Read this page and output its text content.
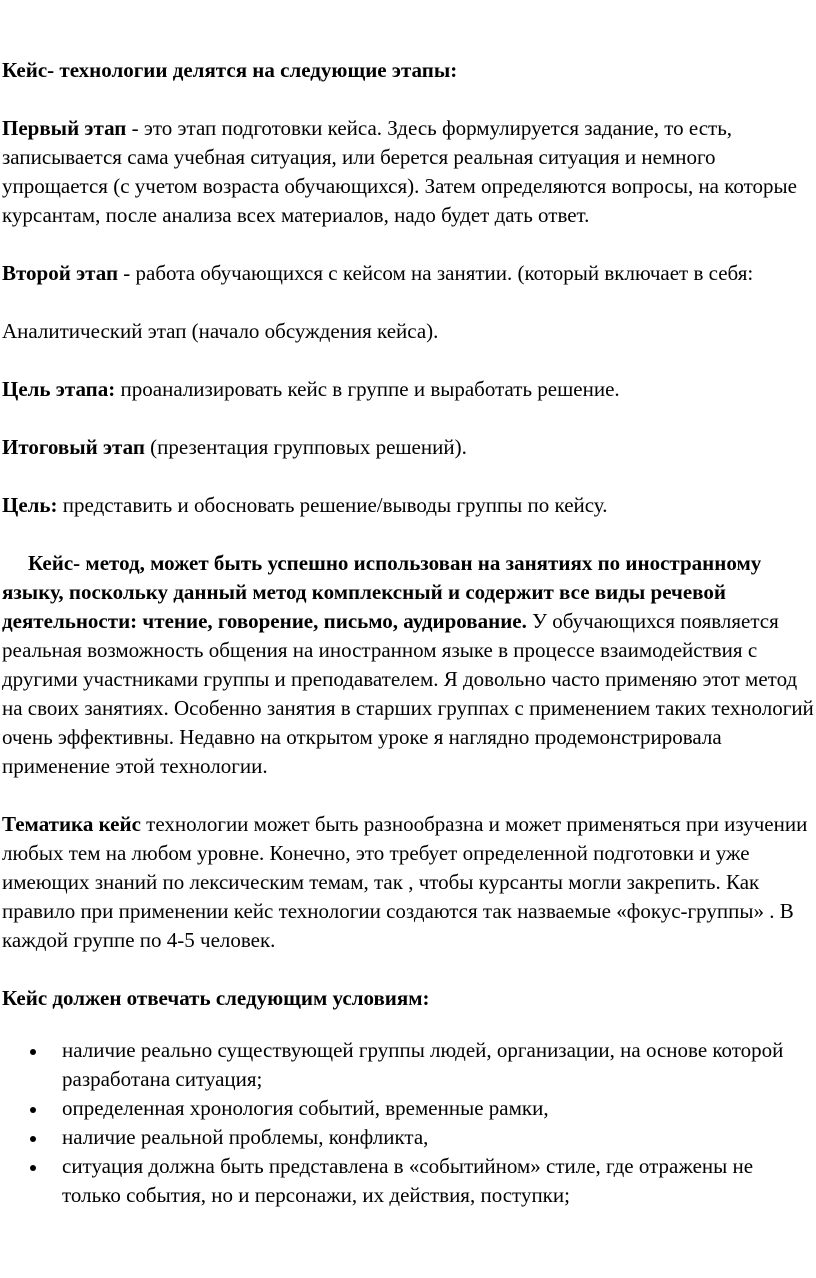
Кейс- технологии делятся на следующие этапы:

Первый этап - это этап подготовки кейса. Здесь формулируется задание, то есть, записывается сама учебная ситуация, или берется реальная ситуация и немного упрощается (с учетом возраста обучающихся). Затем определяются вопросы, на которые курсантам, после анализа всех материалов, надо будет дать ответ.

Второй этап - работа обучающихся с кейсом на занятии. (который включает в себя:

Аналитический этап (начало обсуждения кейса).

Цель этапа: проанализировать кейс в группе и выработать решение.

Итоговый этап (презентация групповых решений).

Цель: представить и обосновать решение/выводы группы по кейсу.

Кейс- метод, может быть успешно использован на занятиях по иностранному языку, поскольку данный метод комплексный и содержит все виды речевой деятельности: чтение, говорение, письмо, аудирование. У обучающихся появляется реальная возможность общения на иностранном языке в процессе взаимодействия с другими участниками группы и преподавателем. Я довольно часто применяю этот метод на своих занятиях. Особенно занятия в старших группах с применением таких технологий очень эффективны. Недавно на открытом уроке я наглядно продемонстрировала применение этой технологии.

Тематика кейс технологии может быть разнообразна и может применяться при изучении любых тем на любом уровне. Конечно, это требует определенной подготовки и уже имеющих знаний по лексическим темам, так , чтобы курсанты могли закрепить. Как правило при применении кейс технологии создаются так назваемые «фокус-группы» . В каждой группе по 4-5 человек.

Кейс должен отвечать следующим условиям:

наличие реально существующей группы людей, организации, на основе которой разработана ситуация;
определенная хронология событий, временные рамки,
наличие реальной проблемы, конфликта,
ситуация должна быть представлена в «событийном» стиле, где отражены не только события, но и персонажи, их действия, поступки;
